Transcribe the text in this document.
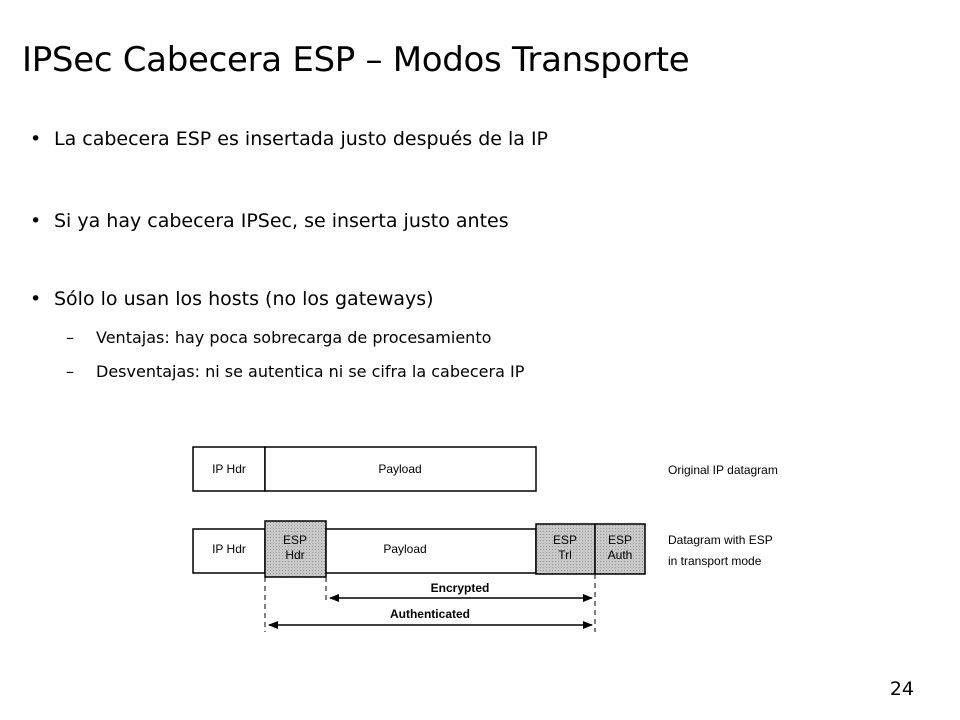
IPSec Cabecera ESP – Modos Transporte
• La cabecera ESP es insertada justo después de la IP
• Si ya hay cabecera IPSec, se inserta justo antes
• Sólo lo usan los hosts (no los gateways)
– Ventajas: hay poca sobrecarga de procesamiento
– Desventajas: ni se autentica ni se cifra la cabecera IP
IP Hdr	Payload	Original IP datagram
IP Hdr
ESP
Hdr	Payload
ESP
Trl
ESP
Auth
Datagram with ESP
in transport mode
Encrypted
Authenticated
24
